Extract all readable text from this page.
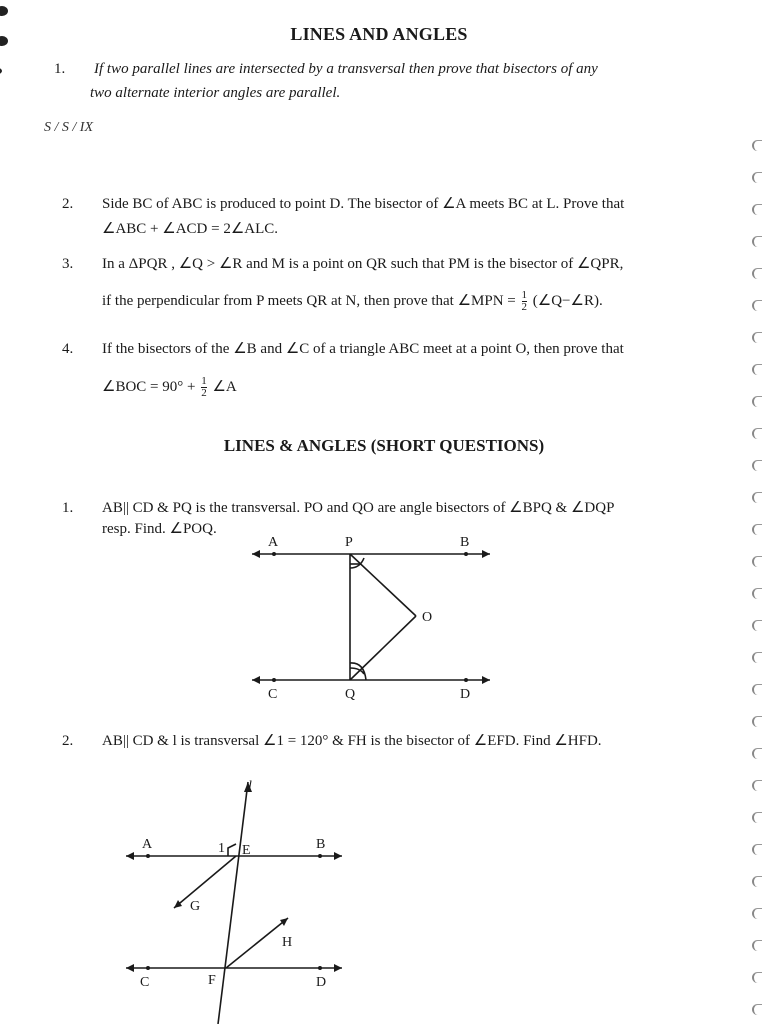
LINES AND ANGLES
1. If two parallel lines are intersected by a transversal then prove that bisectors of any
two alternate interior angles are parallel.
S / S / IX
2. Side BC of ABC is produced to point D. The bisector of ∠A meets BC at L. Prove that
∠ABC + ∠ACD = 2∠ALC.
3. In a ΔPQR , ∠Q > ∠R and M is a point on QR such that PM is the bisector of ∠QPR,
if the perpendicular from P meets QR at N, then prove that ∠MPN = $\frac{1}{2}$ (∠Q−∠R).
4. If the bisectors of the ∠B and ∠C of a triangle ABC meet at a point O, then prove that
∠BOC = $90^\circ + \frac{1}{2}$ ∠A
LINES & ANGLES (SHORT QUESTIONS)
1. AB|| CD & PQ is the transversal. PO and QO are angle bisectors of ∠BPQ & ∠DQP
resp. Find. ∠POQ.
A	P	B
O
C	Q	D
2. AB|| CD & l is transversal ∠1 = 120° & FH is the bisector of ∠EFD. Find ∠HFD.
l
A	1 E	B
G
H
C	F	D
